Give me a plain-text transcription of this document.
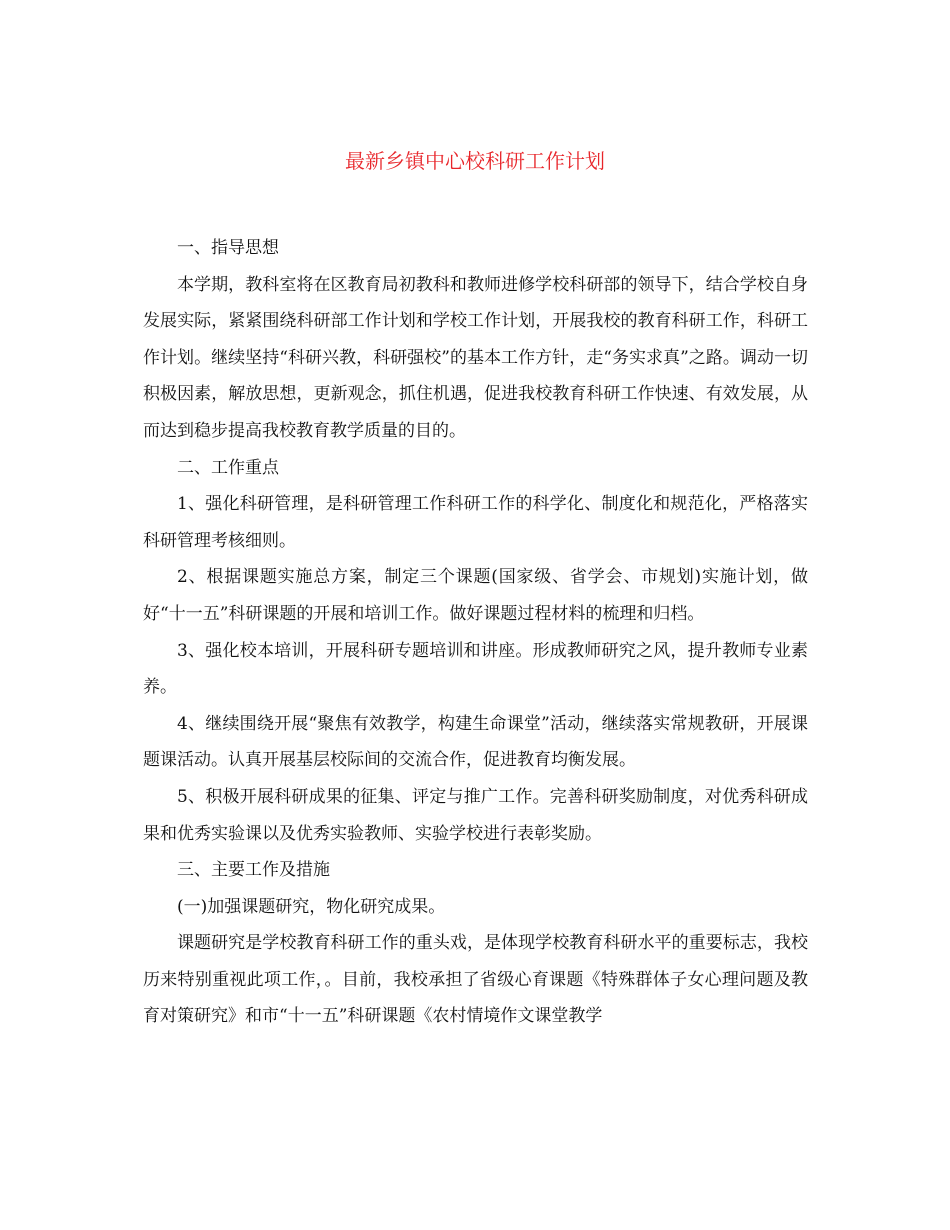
最新乡镇中心校科研工作计划

一、指导思想

本学期，教科室将在区教育局初教科和教师进修学校科研部的领导下，结合学校自身发展实际，紧紧围绕科研部工作计划和学校工作计划，开展我校的教育科研工作，科研工作计划。继续坚持“科研兴教，科研强校”的基本工作方针，走“务实求真”之路。调动一切积极因素，解放思想，更新观念，抓住机遇，促进我校教育科研工作快速、有效发展，从而达到稳步提高我校教育教学质量的目的。

二、工作重点

1、强化科研管理，是科研管理工作科研工作的科学化、制度化和规范化，严格落实科研管理考核细则。

2、根据课题实施总方案，制定三个课题(国家级、省学会、市规划)实施计划，做好“十一五”科研课题的开展和培训工作。做好课题过程材料的梳理和归档。

3、强化校本培训，开展科研专题培训和讲座。形成教师研究之风，提升教师专业素养。

4、继续围绕开展“聚焦有效教学，构建生命课堂”活动，继续落实常规教研，开展课题课活动。认真开展基层校际间的交流合作，促进教育均衡发展。

5、积极开展科研成果的征集、评定与推广工作。完善科研奖励制度，对优秀科研成果和优秀实验课以及优秀实验教师、实验学校进行表彰奖励。

三、主要工作及措施

(一)加强课题研究，物化研究成果。

课题研究是学校教育科研工作的重头戏，是体现学校教育科研水平的重要标志，我校历来特别重视此项工作，。目前，我校承担了省级心育课题《特殊群体子女心理问题及教育对策研究》和市“十一五”科研课题《农村情境作文课堂教学
